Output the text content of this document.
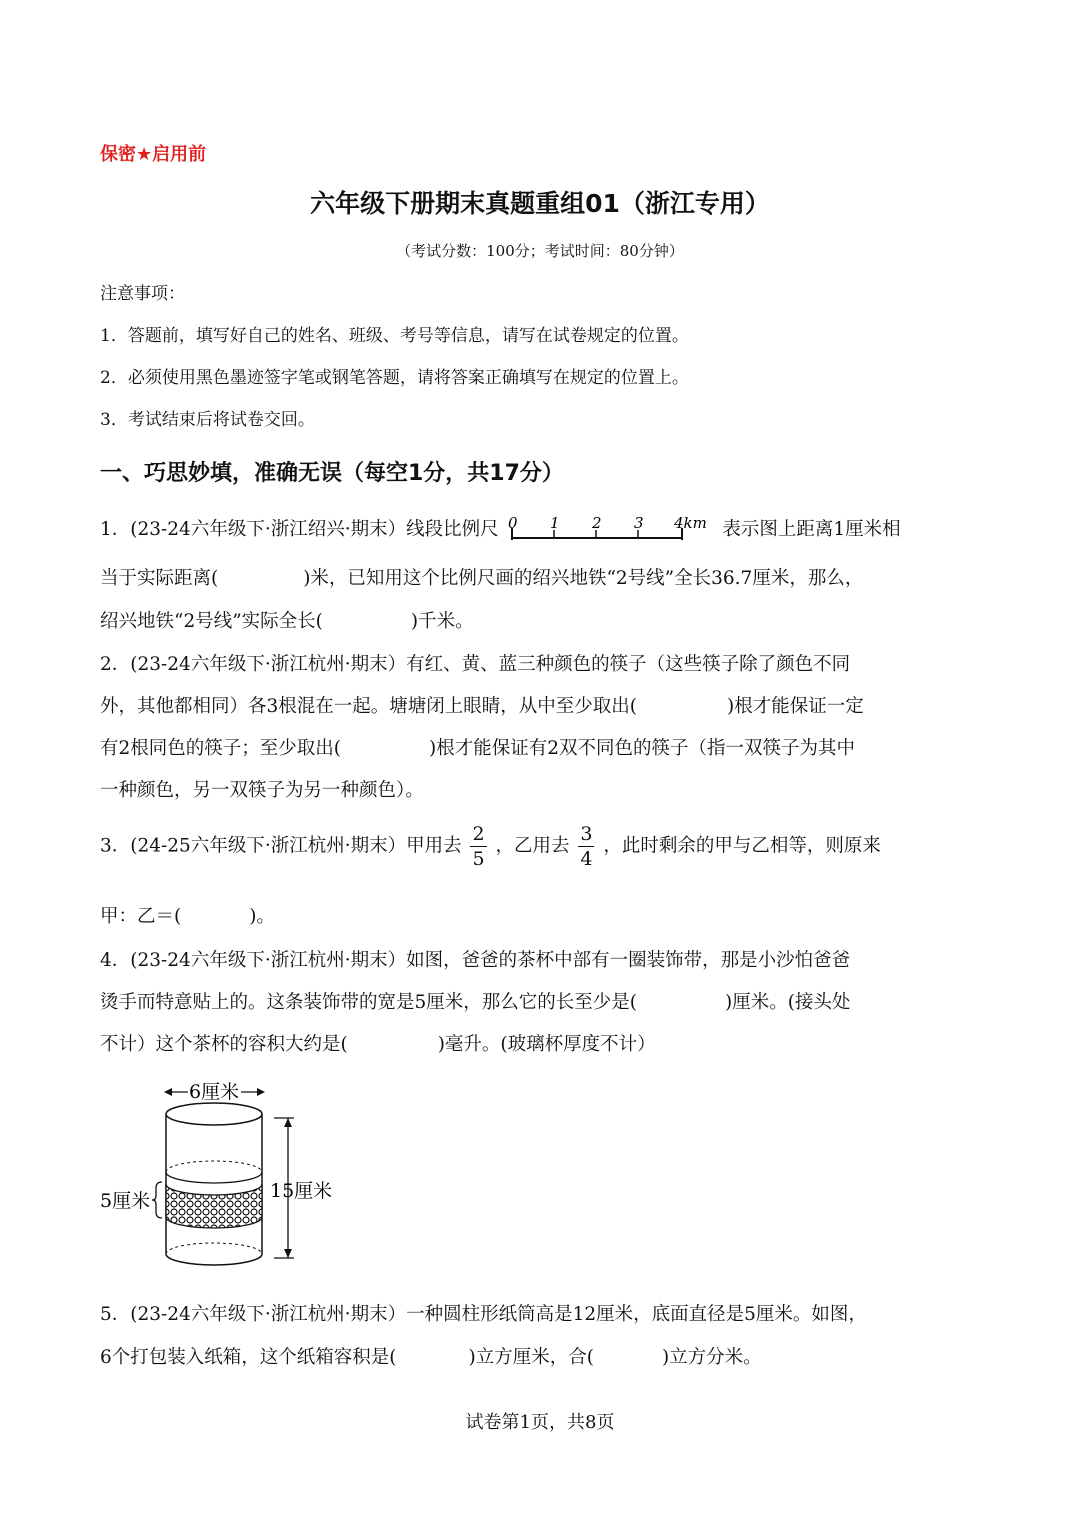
保密★启用前
六年级下册期末真题重组01（浙江专用）
（考试分数：100分；考试时间：80分钟）
注意事项：
1．答题前，填写好自己的姓名、班级、考号等信息，请写在试卷规定的位置。
2．必须使用黑色墨迹签字笔或钢笔答题，请将答案正确填写在规定的位置上。
3．考试结束后将试卷交回。
一、巧思妙填，准确无误（每空1分，共17分）
1．(23-24六年级下·浙江绍兴·期末）线段比例尺 0 1 2 3 4km 表示图上距离1厘米相
当于实际距离(	)米，已知用这个比例尺画的绍兴地铁“2号线”全长36.7厘米，那么，
绍兴地铁“2号线”实际全长(	)千米。
2．(23-24六年级下·浙江杭州·期末）有红、黄、蓝三种颜色的筷子（这些筷子除了颜色不同
外，其他都相同）各3根混在一起。塘塘闭上眼睛，从中至少取出(	)根才能保证一定
有2根同色的筷子；至少取出(	)根才能保证有2双不同色的筷子（指一双筷子为其中
一种颜色，另一双筷子为另一种颜色）。
3．(24-25六年级下·浙江杭州·期末）甲用去 $\frac{2}{5}$ ，乙用去 $\frac{3}{4}$ ，此时剩余的甲与乙相等，则原来
甲：乙＝(	)。
4．(23-24六年级下·浙江杭州·期末）如图，爸爸的茶杯中部有一圈装饰带，那是小沙怕爸爸
烫手而特意贴上的。这条装饰带的宽是5厘米，那么它的长至少是(	)厘米。(接头处
不计）这个茶杯的容积大约是(	)毫升。(玻璃杯厚度不计）
6厘米
5厘米	15厘米
5．(23-24六年级下·浙江杭州·期末）一种圆柱形纸筒高是12厘米，底面直径是5厘米。如图，
6个打包装入纸箱，这个纸箱容积是(	)立方厘米，合(	)立方分米。
试卷第1页，共8页
